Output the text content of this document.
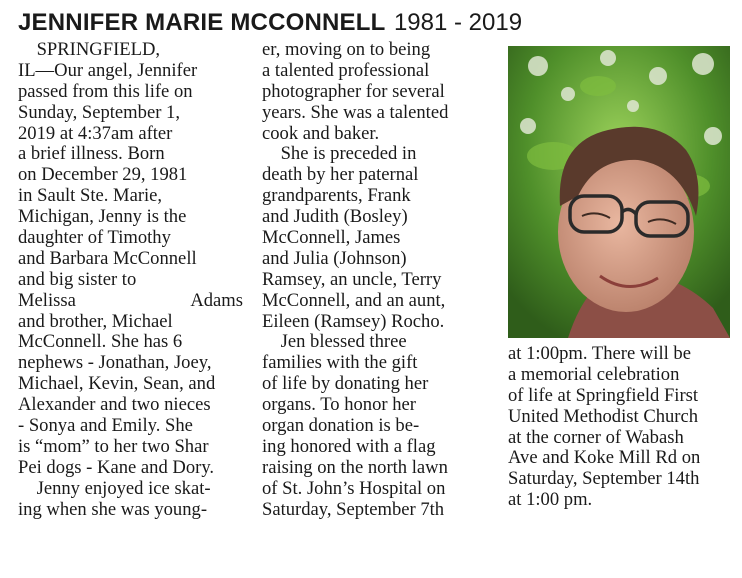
JENNIFER MARIE MCCONNELL 1981 - 2019
 SPRINGFIELD,
IL—Our angel, Jennifer
passed from this life on
Sunday, September 1,
2019 at 4:37am after
a brief illness. Born
on December 29, 1981
in Sault Ste. Marie,
Michigan, Jenny is the
daughter of Timothy
and Barbara McConnell
and big sister to
Melissa Adams
and brother, Michael
McConnell. She has 6
nephews - Jonathan, Joey,
Michael, Kevin, Sean, and
Alexander and two nieces
- Sonya and Emily. She
is “mom” to her two Shar
Pei dogs - Kane and Dory.
 Jenny enjoyed ice skat-
ing when she was young-
er, moving on to being
a talented professional
photographer for several
years. She was a talented
cook and baker.
 She is preceded in
death by her paternal
grandparents, Frank
and Judith (Bosley)
McConnell, James
and Julia (Johnson)
Ramsey, an uncle, Terry
McConnell, and an aunt,
Eileen (Ramsey) Rocho.
 Jen blessed three
families with the gift
of life by donating her
organs. To honor her
organ donation is be-
ing honored with a flag
raising on the north lawn
of St. John’s Hospital on
Saturday, September 7th
at 1:00pm. There will be
a memorial celebration
of life at Springfield First
United Methodist Church
at the corner of Wabash
Ave and Koke Mill Rd on
Saturday, September 14th
at 1:00 pm.
